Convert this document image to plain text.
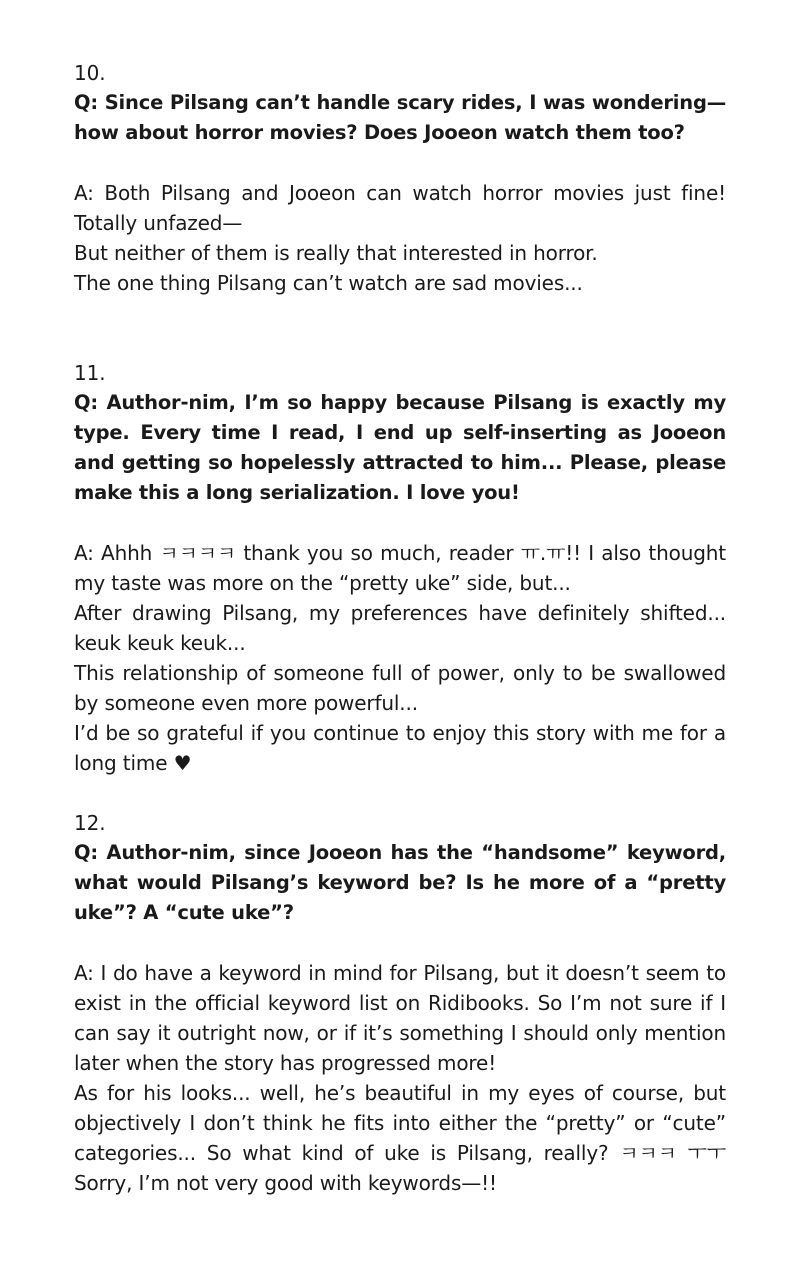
10.

Q: Since Pilsang can’t handle scary rides, I was wondering—how about horror movies? Does Jooeon watch them too?

A: Both Pilsang and Jooeon can watch horror movies just fine! Totally unfazed—

But neither of them is really that interested in horror.

The one thing Pilsang can’t watch are sad movies...

11.

Q: Author-nim, I’m so happy because Pilsang is exactly my type. Every time I read, I end up self-inserting as Jooeon and getting so hopelessly attracted to him... Please, please make this a long serialization. I love you!

A: Ahhh ㅋㅋㅋㅋ thank you so much, reader ㅠ.ㅠ!! I also thought my taste was more on the “pretty uke” side, but...

After drawing Pilsang, my preferences have definitely shifted... keuk keuk keuk...

This relationship of someone full of power, only to be swallowed by someone even more powerful...

I’d be so grateful if you continue to enjoy this story with me for a long time ♥

12.

Q: Author-nim, since Jooeon has the “handsome” keyword, what would Pilsang’s keyword be? Is he more of a “pretty uke”? A “cute uke”?

A: I do have a keyword in mind for Pilsang, but it doesn’t seem to exist in the official keyword list on Ridibooks. So I’m not sure if I can say it outright now, or if it’s something I should only mention later when the story has progressed more!

As for his looks... well, he’s beautiful in my eyes of course, but objectively I don’t think he fits into either the “pretty” or “cute” categories... So what kind of uke is Pilsang, really? ㅋㅋㅋ ㅜㅜ Sorry, I’m not very good with keywords—!!
